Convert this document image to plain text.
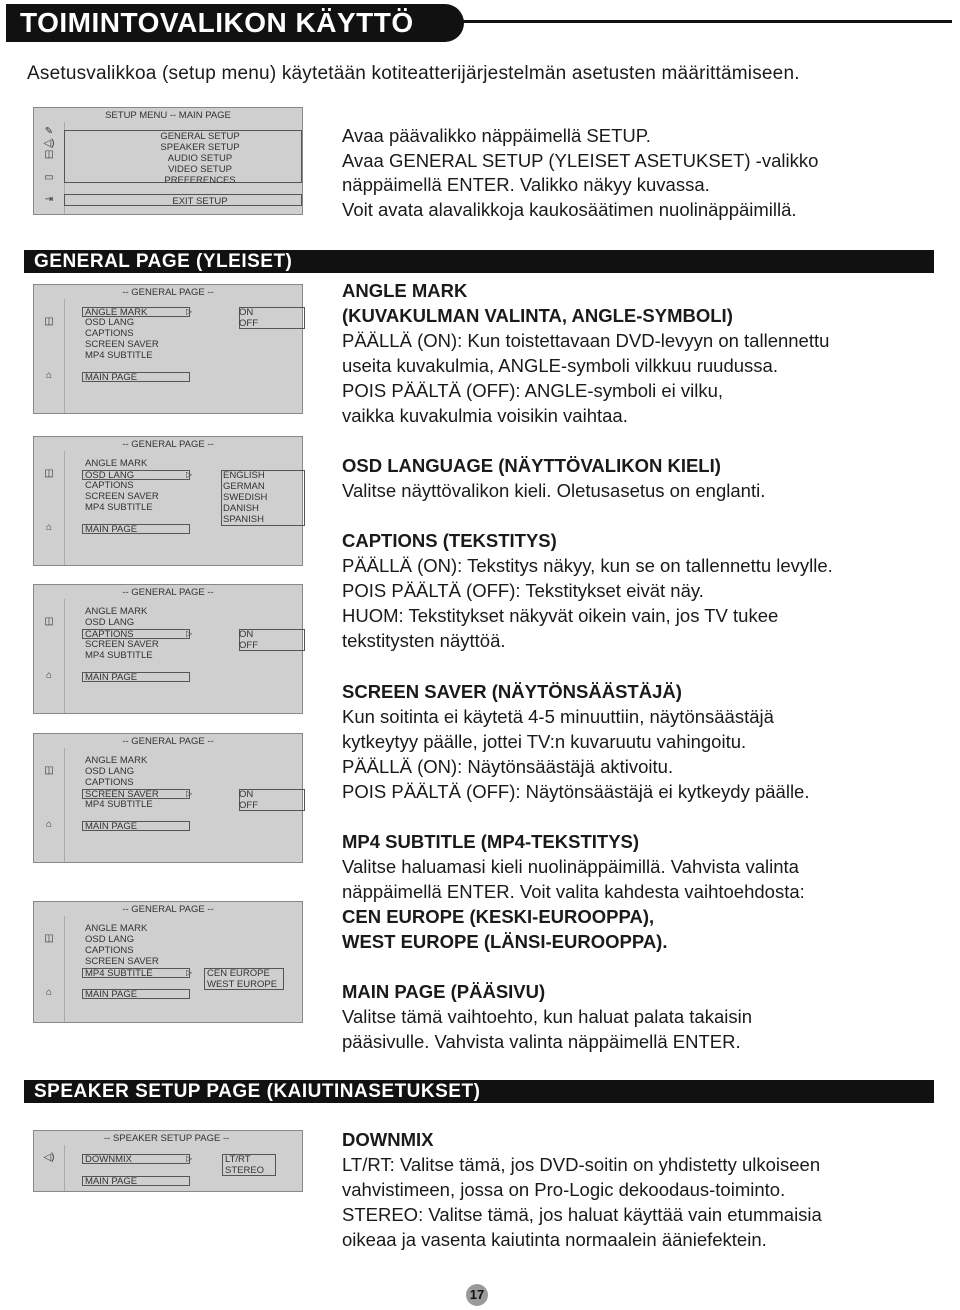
TOIMINTOVALIKON KÄYTTÖ
Asetusvalikkoa (setup menu) käytetään kotiteatterijärjestelmän asetusten määrittämiseen.
SETUP MENU -- MAIN PAGE
✎
◁)
◫
▭
⇥
GENERAL SETUP
SPEAKER SETUP
AUDIO SETUP
VIDEO SETUP
PREFERENCES
EXIT SETUP
Avaa päävalikko näppäimellä SETUP.
Avaa GENERAL SETUP (YLEISET ASETUKSET) -valikko
näppäimellä ENTER. Valikko näkyy kuvassa.
Voit avata alavalikkoja kaukosäätimen nuolinäppäimillä.
GENERAL PAGE (YLEISET)
-- GENERAL PAGE --
◫
⌂
ANGLE MARK
OSD LANG
CAPTIONS
SCREEN SAVER
MP4 SUBTITLE
MAIN PAGE
▷	ON
OFF
-- GENERAL PAGE --
◫
⌂
ANGLE MARK
OSD LANG
CAPTIONS
SCREEN SAVER
MP4 SUBTITLE
MAIN PAGE
▷	ENGLISH
GERMAN
SWEDISH
DANISH
SPANISH
-- GENERAL PAGE --
◫
⌂
ANGLE MARK
OSD LANG
CAPTIONS
SCREEN SAVER
MP4 SUBTITLE
MAIN PAGE
▷	ON
OFF
-- GENERAL PAGE --
◫
⌂
ANGLE MARK
OSD LANG
CAPTIONS
SCREEN SAVER
MP4 SUBTITLE
MAIN PAGE
▷	ON
OFF
-- GENERAL PAGE --
◫
⌂
ANGLE MARK
OSD LANG
CAPTIONS
SCREEN SAVER
MP4 SUBTITLE
MAIN PAGE
▷ CEN EUROPE
WEST EUROPE
ANGLE MARK
(KUVAKULMAN VALINTA, ANGLE-SYMBOLI)
PÄÄLLÄ (ON): Kun toistettavaan DVD-levyyn on tallennettu
useita kuvakulmia, ANGLE-symboli vilkkuu ruudussa.
POIS PÄÄLTÄ (OFF): ANGLE-symboli ei vilku,
vaikka kuvakulmia voisikin vaihtaa.
OSD LANGUAGE (NÄYTTÖVALIKON KIELI)
Valitse näyttövalikon kieli. Oletusasetus on englanti.
CAPTIONS (TEKSTITYS)
PÄÄLLÄ (ON): Tekstitys näkyy, kun se on tallennettu levylle.
POIS PÄÄLTÄ (OFF): Tekstitykset eivät näy.
HUOM: Tekstitykset näkyvät oikein vain, jos TV tukee
tekstitysten näyttöä.
SCREEN SAVER (NÄYTÖNSÄÄSTÄJÄ)
Kun soitinta ei käytetä 4-5 minuuttiin, näytönsäästäjä
kytkeytyy päälle, jottei TV:n kuvaruutu vahingoitu.
PÄÄLLÄ (ON): Näytönsäästäjä aktivoitu.
POIS PÄÄLTÄ (OFF): Näytönsäästäjä ei kytkeydy päälle.
MP4 SUBTITLE (MP4-TEKSTITYS)
Valitse haluamasi kieli nuolinäppäimillä. Vahvista valinta
näppäimellä ENTER. Voit valita kahdesta vaihtoehdosta:
CEN EUROPE (KESKI-EUROOPPA),
WEST EUROPE (LÄNSI-EUROOPPA).
MAIN PAGE (PÄÄSIVU)
Valitse tämä vaihtoehto, kun haluat palata takaisin
pääsivulle. Vahvista valinta näppäimellä ENTER.
SPEAKER SETUP PAGE (KAIUTINASETUKSET)
-- SPEAKER SETUP PAGE --
◁)	DOWNMIX
MAIN PAGE
▷	LT/RT
STEREO
DOWNMIX
LT/RT: Valitse tämä, jos DVD-soitin on yhdistetty ulkoiseen
vahvistimeen, jossa on Pro-Logic dekoodaus-toiminto.
STEREO: Valitse tämä, jos haluat käyttää vain etummaisia
oikeaa ja vasenta kaiutinta normaalein ääniefektein.
17
